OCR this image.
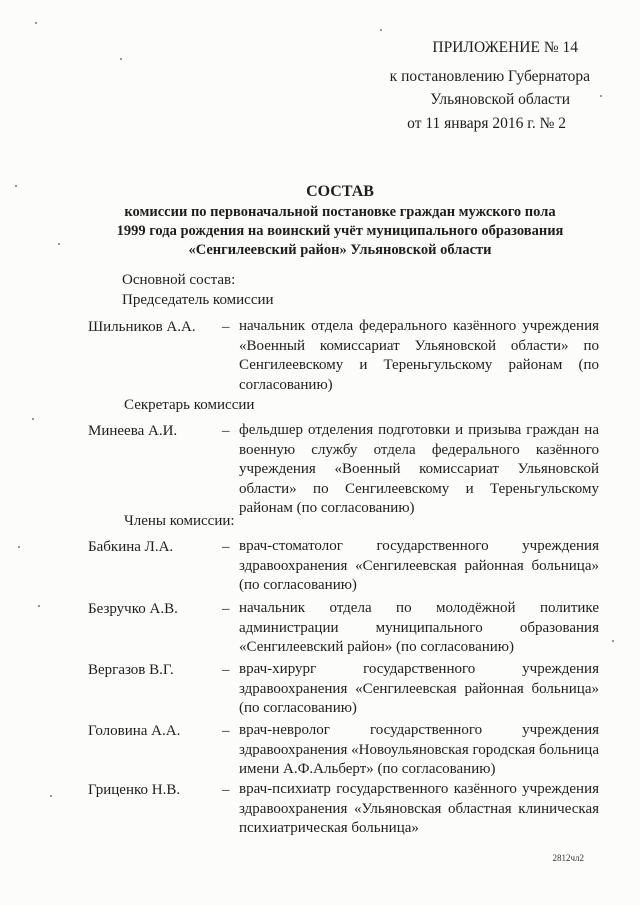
ПРИЛОЖЕНИЕ № 14
к постановлению Губернатора
Ульяновской области
от 11 января 2016 г. № 2
СОСТАВ
комиссии по первоначальной постановке граждан мужского пола
1999 года рождения на воинский учёт муниципального образования
«Сенгилеевский район» Ульяновской области
Основной состав:
Председатель комиссии
Секретарь комиссии
Члены комиссии:
Шильников А.А. – начальник отдела федерального казённого учреждения «Военный комиссариат Ульяновской области» по Сенгилеевскому и Тереньгульскому районам (по согласованию)
Минеева А.И.	– фельдшер отделения подготовки и призыва граждан на военную службу отдела федерального казённого учреждения «Военный комиссариат Ульяновской области» по Сенгилеевскому и Тереньгульскому районам (по согласованию)
Бабкина Л.А.	– врач-стоматолог государственного учреждения здравоохранения «Сенгилеевская районная больница» (по согласованию)
Безручко А.В.	– начальник отдела по молодёжной политике администрации муниципального образования «Сенгилеевский район» (по согласованию)
Вергазов В.Г.	– врач-хирург государственного учреждения здравоохранения «Сенгилеевская районная больница» (по согласованию)
Головина А.А.	– врач-невролог государственного учреждения здравоохранения «Новоульяновская городская больница имени А.Ф.Альберт» (по согласованию)
Гриценко Н.В.	– врач-психиатр государственного казённого учреждения здравоохранения «Ульяновская областная клиническая психиатрическая больница»
2812чл2
